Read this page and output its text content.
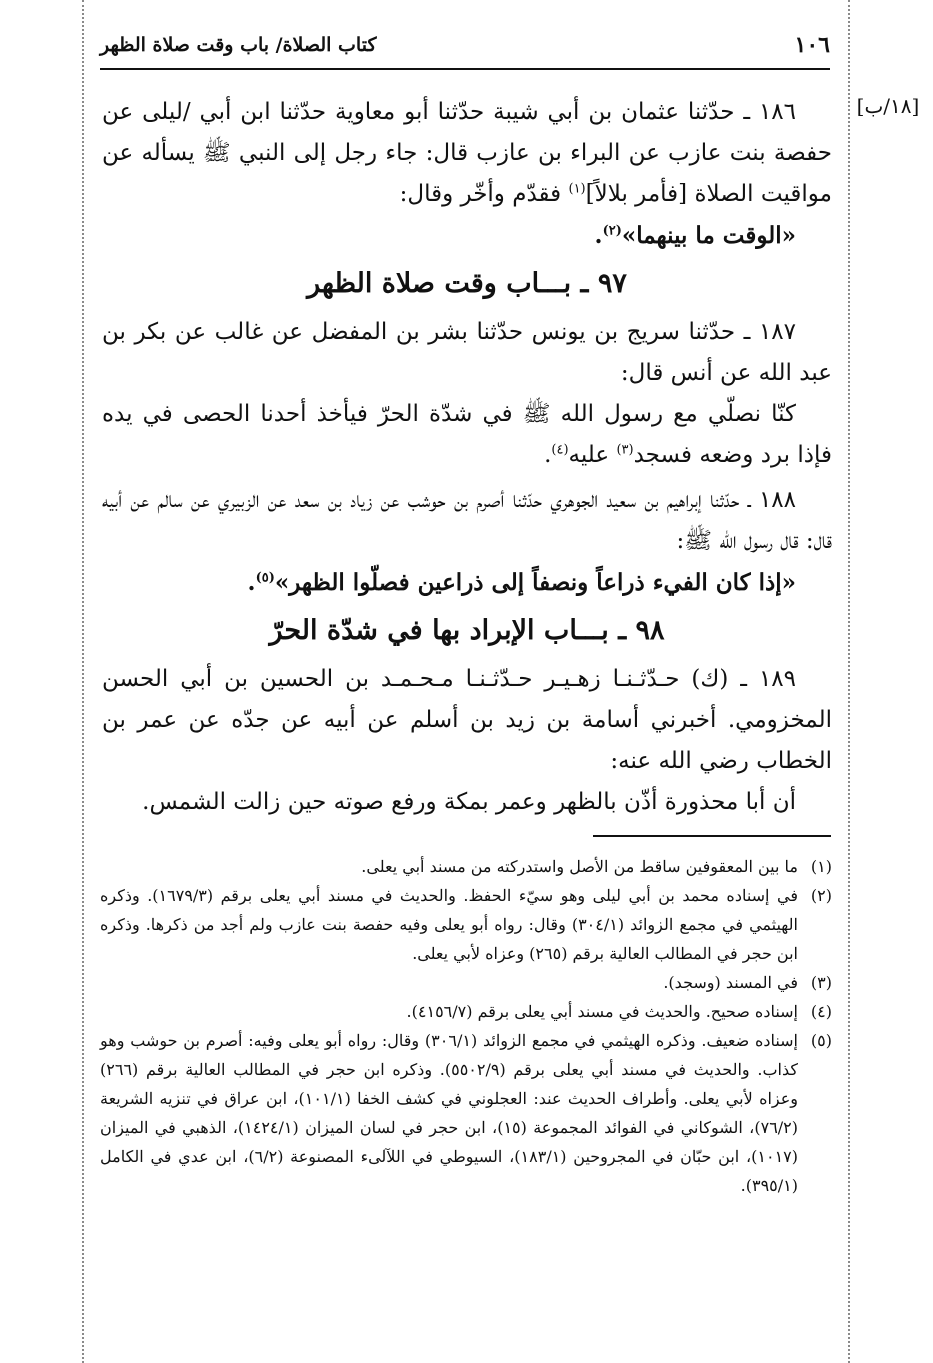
١٠٦
كتاب الصلاة/ باب وقت صلاة الظهر
[١٨/ب]

١٨٦ ـ حدّثنا عثمان بن أبي شيبة حدّثنا أبو معاوية حدّثنا ابن أبي /ليلى عن حفصة بنت عازب عن البراء بن عازب قال: جاء رجل إلى النبي ﷺ يسأله عن مواقيت الصلاة [فأمر بلالاً]$^{(١)}$ فقدّم وأخّر وقال:

«الوقت ما بينهما»$^{(٢)}$.

٩٧ ـ بـــاب وقت صلاة الظهر

١٨٧ ـ حدّثنا سريج بن يونس حدّثنا بشر بن المفضل عن غالب عن بكر بن عبد الله عن أنس قال:

كنّا نصلّي مع رسول الله ﷺ في شدّة الحرّ فيأخذ أحدنا الحصى في يده فإذا برد وضعه فسجد$^{(٣)}$ عليه$^{(٤)}$.

١٨٨ ـ حدّثنا إبراهيم بن سعيد الجوهري حدّثنا أصرم بن حوشب عن زياد بن سعد عن الزبيري عن سالم عن أبيه قال: قال رسول الله ﷺ:

«إذا كان الفيء ذراعاً ونصفاً إلى ذراعين فصلّوا الظهر»$^{(٥)}$.

٩٨ ـ بـــاب الإبراد بها في شدّة الحرّ

١٨٩ ـ (ك) حـدّثـنـا زهـيـر حـدّثـنـا مـحـمـد بن الحسين بن أبي الحسن المخزومي. أخبرني أسامة بن زيد بن أسلم عن أبيه عن جدّه عن عمر بن الخطاب رضي الله عنه:

أن أبا محذورة أذّن بالظهر وعمر بمكة ورفع صوته حين زالت الشمس.

(١)
ما بين المعقوفين ساقط من الأصل واستدركته من مسند أبي يعلى.

(٢)
في إسناده محمد بن أبي ليلى وهو سيّء الحفظ. والحديث في مسند أبي يعلى برقم (١٦٧٩/٣). وذكره الهيثمي في مجمع الزوائد (٣٠٤/١) وقال: رواه أبو يعلى وفيه حفصة بنت عازب ولم أجد من ذكرها. وذكره ابن حجر في المطالب العالية برقم (٢٦٥) وعزاه لأبي يعلى.

(٣)
في المسند (وسجد).

(٤)
إسناده صحيح. والحديث في مسند أبي يعلى برقم (٤١٥٦/٧).

(٥)
إسناده ضعيف. وذكره الهيثمي في مجمع الزوائد (٣٠٦/١) وقال: رواه أبو يعلى وفيه: أصرم بن حوشب وهو كذاب. والحديث في مسند أبي يعلى برقم (٥٥٠٢/٩). وذكره ابن حجر في المطالب العالية برقم (٢٦٦) وعزاه لأبي يعلى. وأطراف الحديث عند: العجلوني في كشف الخفا (١٠١/١)، ابن عراق في تنزيه الشريعة (٧٦/٢)، الشوكاني في الفوائد المجموعة (١٥)، ابن حجر في لسان الميزان (١٤٢٤/١)، الذهبي في الميزان (١٠١٧)، ابن حبّان في المجروحين (١٨٣/١)، السيوطي في اللآلىء المصنوعة (٦/٢)، ابن عدي في الكامل (٣٩٥/١).
